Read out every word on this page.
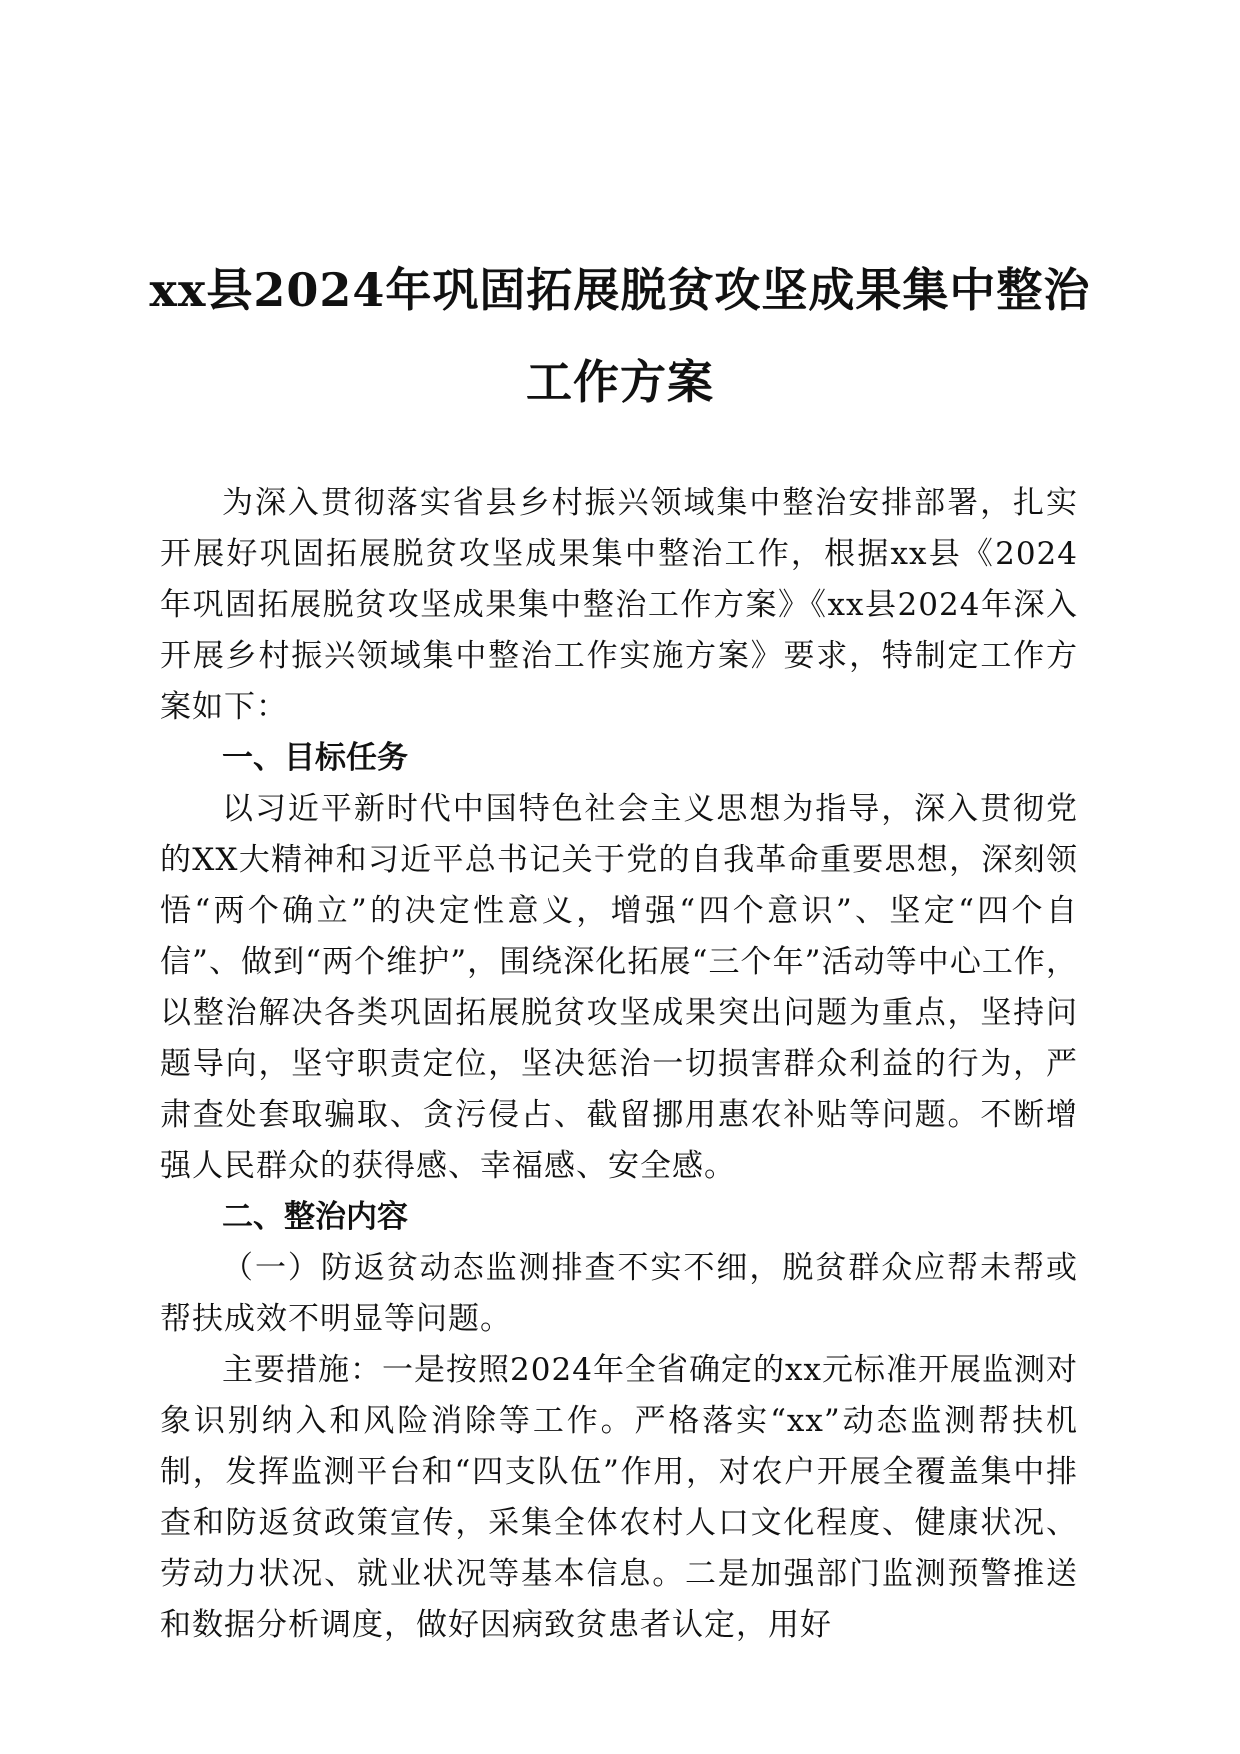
xx县2024年巩固拓展脱贫攻坚成果集中整治
工作方案

为深入贯彻落实省县乡村振兴领域集中整治安排部署，扎实开展好巩固拓展脱贫攻坚成果集中整治工作，根据xx县《2024年巩固拓展脱贫攻坚成果集中整治工作方案》《xx县2024年深入开展乡村振兴领域集中整治工作实施方案》要求，特制定工作方案如下：

一、目标任务

以习近平新时代中国特色社会主义思想为指导，深入贯彻党的XX大精神和习近平总书记关于党的自我革命重要思想，深刻领悟“两个确立”的决定性意义，增强“四个意识”、坚定“四个自信”、做到“两个维护”，围绕深化拓展“三个年”活动等中心工作，以整治解决各类巩固拓展脱贫攻坚成果突出问题为重点，坚持问题导向，坚守职责定位，坚决惩治一切损害群众利益的行为，严肃查处套取骗取、贪污侵占、截留挪用惠农补贴等问题。不断增强人民群众的获得感、幸福感、安全感。

二、整治内容

（一）防返贫动态监测排查不实不细，脱贫群众应帮未帮或帮扶成效不明显等问题。

主要措施：一是按照2024年全省确定的xx元标准开展监测对象识别纳入和风险消除等工作。严格落实“xx”动态监测帮扶机制，发挥监测平台和“四支队伍”作用，对农户开展全覆盖集中排查和防返贫政策宣传，采集全体农村人口文化程度、健康状况、劳动力状况、就业状况等基本信息。二是加强部门监测预警推送和数据分析调度，做好因病致贫患者认定，用好
